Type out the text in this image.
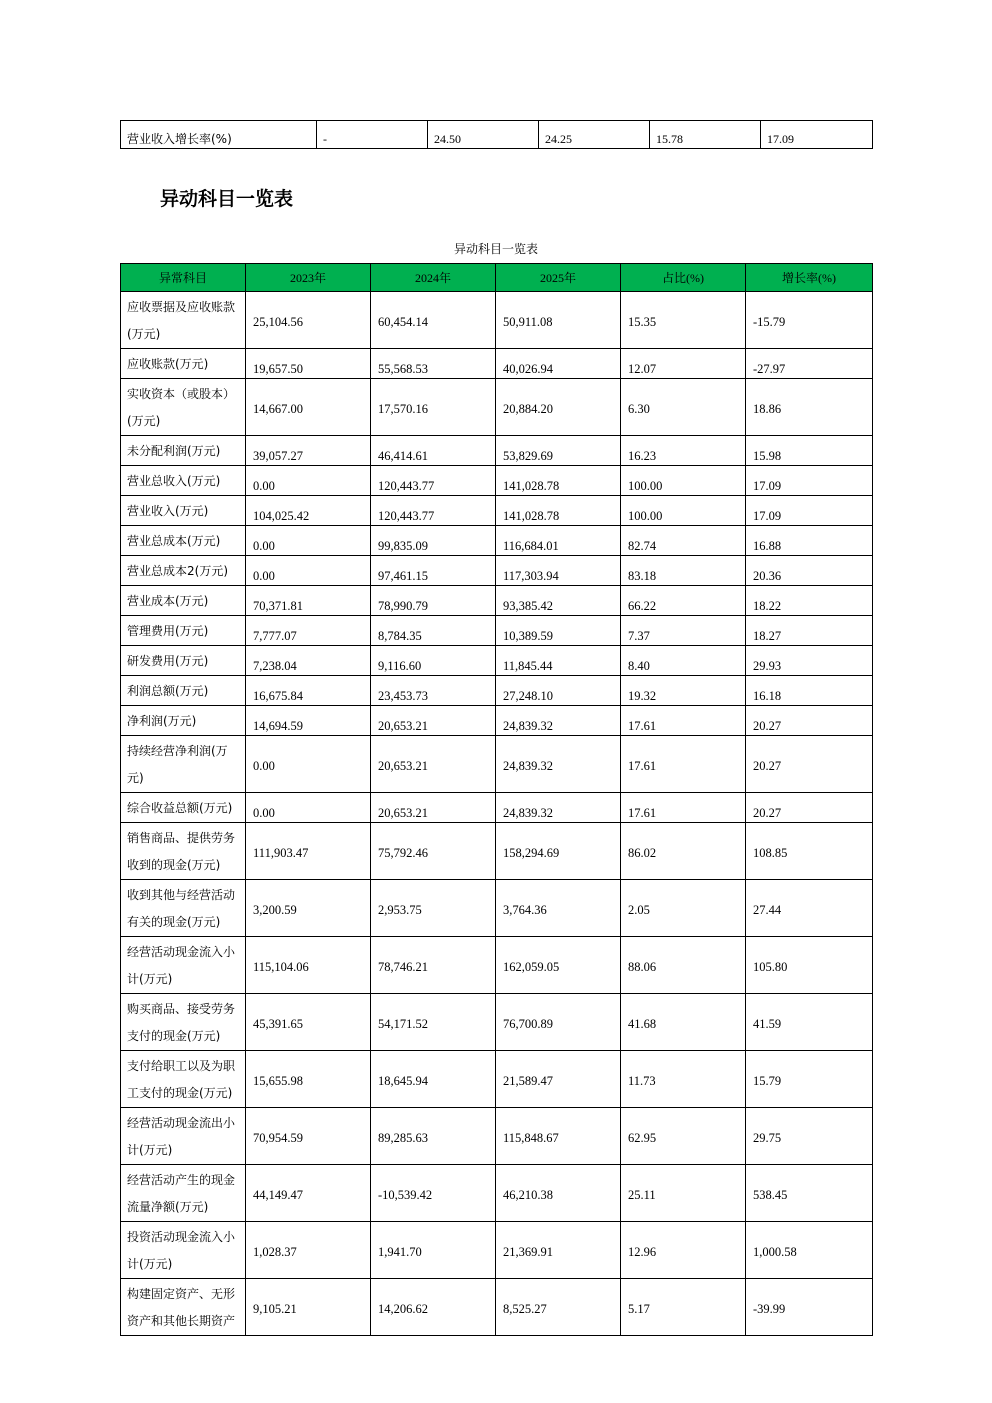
营业收入增长率(%)	-	24.50	24.25	15.78	17.09
异动科目一览表
异动科目一览表
异常科目	2023年	2024年	2025年	占比(%)	增长率(%)
应收票据及应收账款(万元)	25,104.56	60,454.14	50,911.08	15.35	-15.79
应收账款(万元)	19,657.50	55,568.53	40,026.94	12.07	-27.97
实收资本（或股本）(万元)	14,667.00	17,570.16	20,884.20	6.30	18.86
未分配利润(万元)	39,057.27	46,414.61	53,829.69	16.23	15.98
营业总收入(万元)	0.00	120,443.77	141,028.78	100.00	17.09
营业收入(万元)	104,025.42	120,443.77	141,028.78	100.00	17.09
营业总成本(万元)	0.00	99,835.09	116,684.01	82.74	16.88
营业总成本2(万元)	0.00	97,461.15	117,303.94	83.18	20.36
营业成本(万元)	70,371.81	78,990.79	93,385.42	66.22	18.22
管理费用(万元)	7,777.07	8,784.35	10,389.59	7.37	18.27
研发费用(万元)	7,238.04	9,116.60	11,845.44	8.40	29.93
利润总额(万元)	16,675.84	23,453.73	27,248.10	19.32	16.18
净利润(万元)	14,694.59	20,653.21	24,839.32	17.61	20.27
持续经营净利润(万元)	0.00	20,653.21	24,839.32	17.61	20.27
综合收益总额(万元)	0.00	20,653.21	24,839.32	17.61	20.27
销售商品、提供劳务收到的现金(万元)	111,903.47	75,792.46	158,294.69	86.02	108.85
收到其他与经营活动有关的现金(万元)	3,200.59	2,953.75	3,764.36	2.05	27.44
经营活动现金流入小计(万元)	115,104.06	78,746.21	162,059.05	88.06	105.80
购买商品、接受劳务支付的现金(万元)	45,391.65	54,171.52	76,700.89	41.68	41.59
支付给职工以及为职工支付的现金(万元)	15,655.98	18,645.94	21,589.47	11.73	15.79
经营活动现金流出小计(万元)	70,954.59	89,285.63	115,848.67	62.95	29.75
经营活动产生的现金流量净额(万元)	44,149.47	-10,539.42	46,210.38	25.11	538.45
投资活动现金流入小计(万元)	1,028.37	1,941.70	21,369.91	12.96	1,000.58
构建固定资产、无形资产和其他长期资产	9,105.21	14,206.62	8,525.27	5.17	-39.99
